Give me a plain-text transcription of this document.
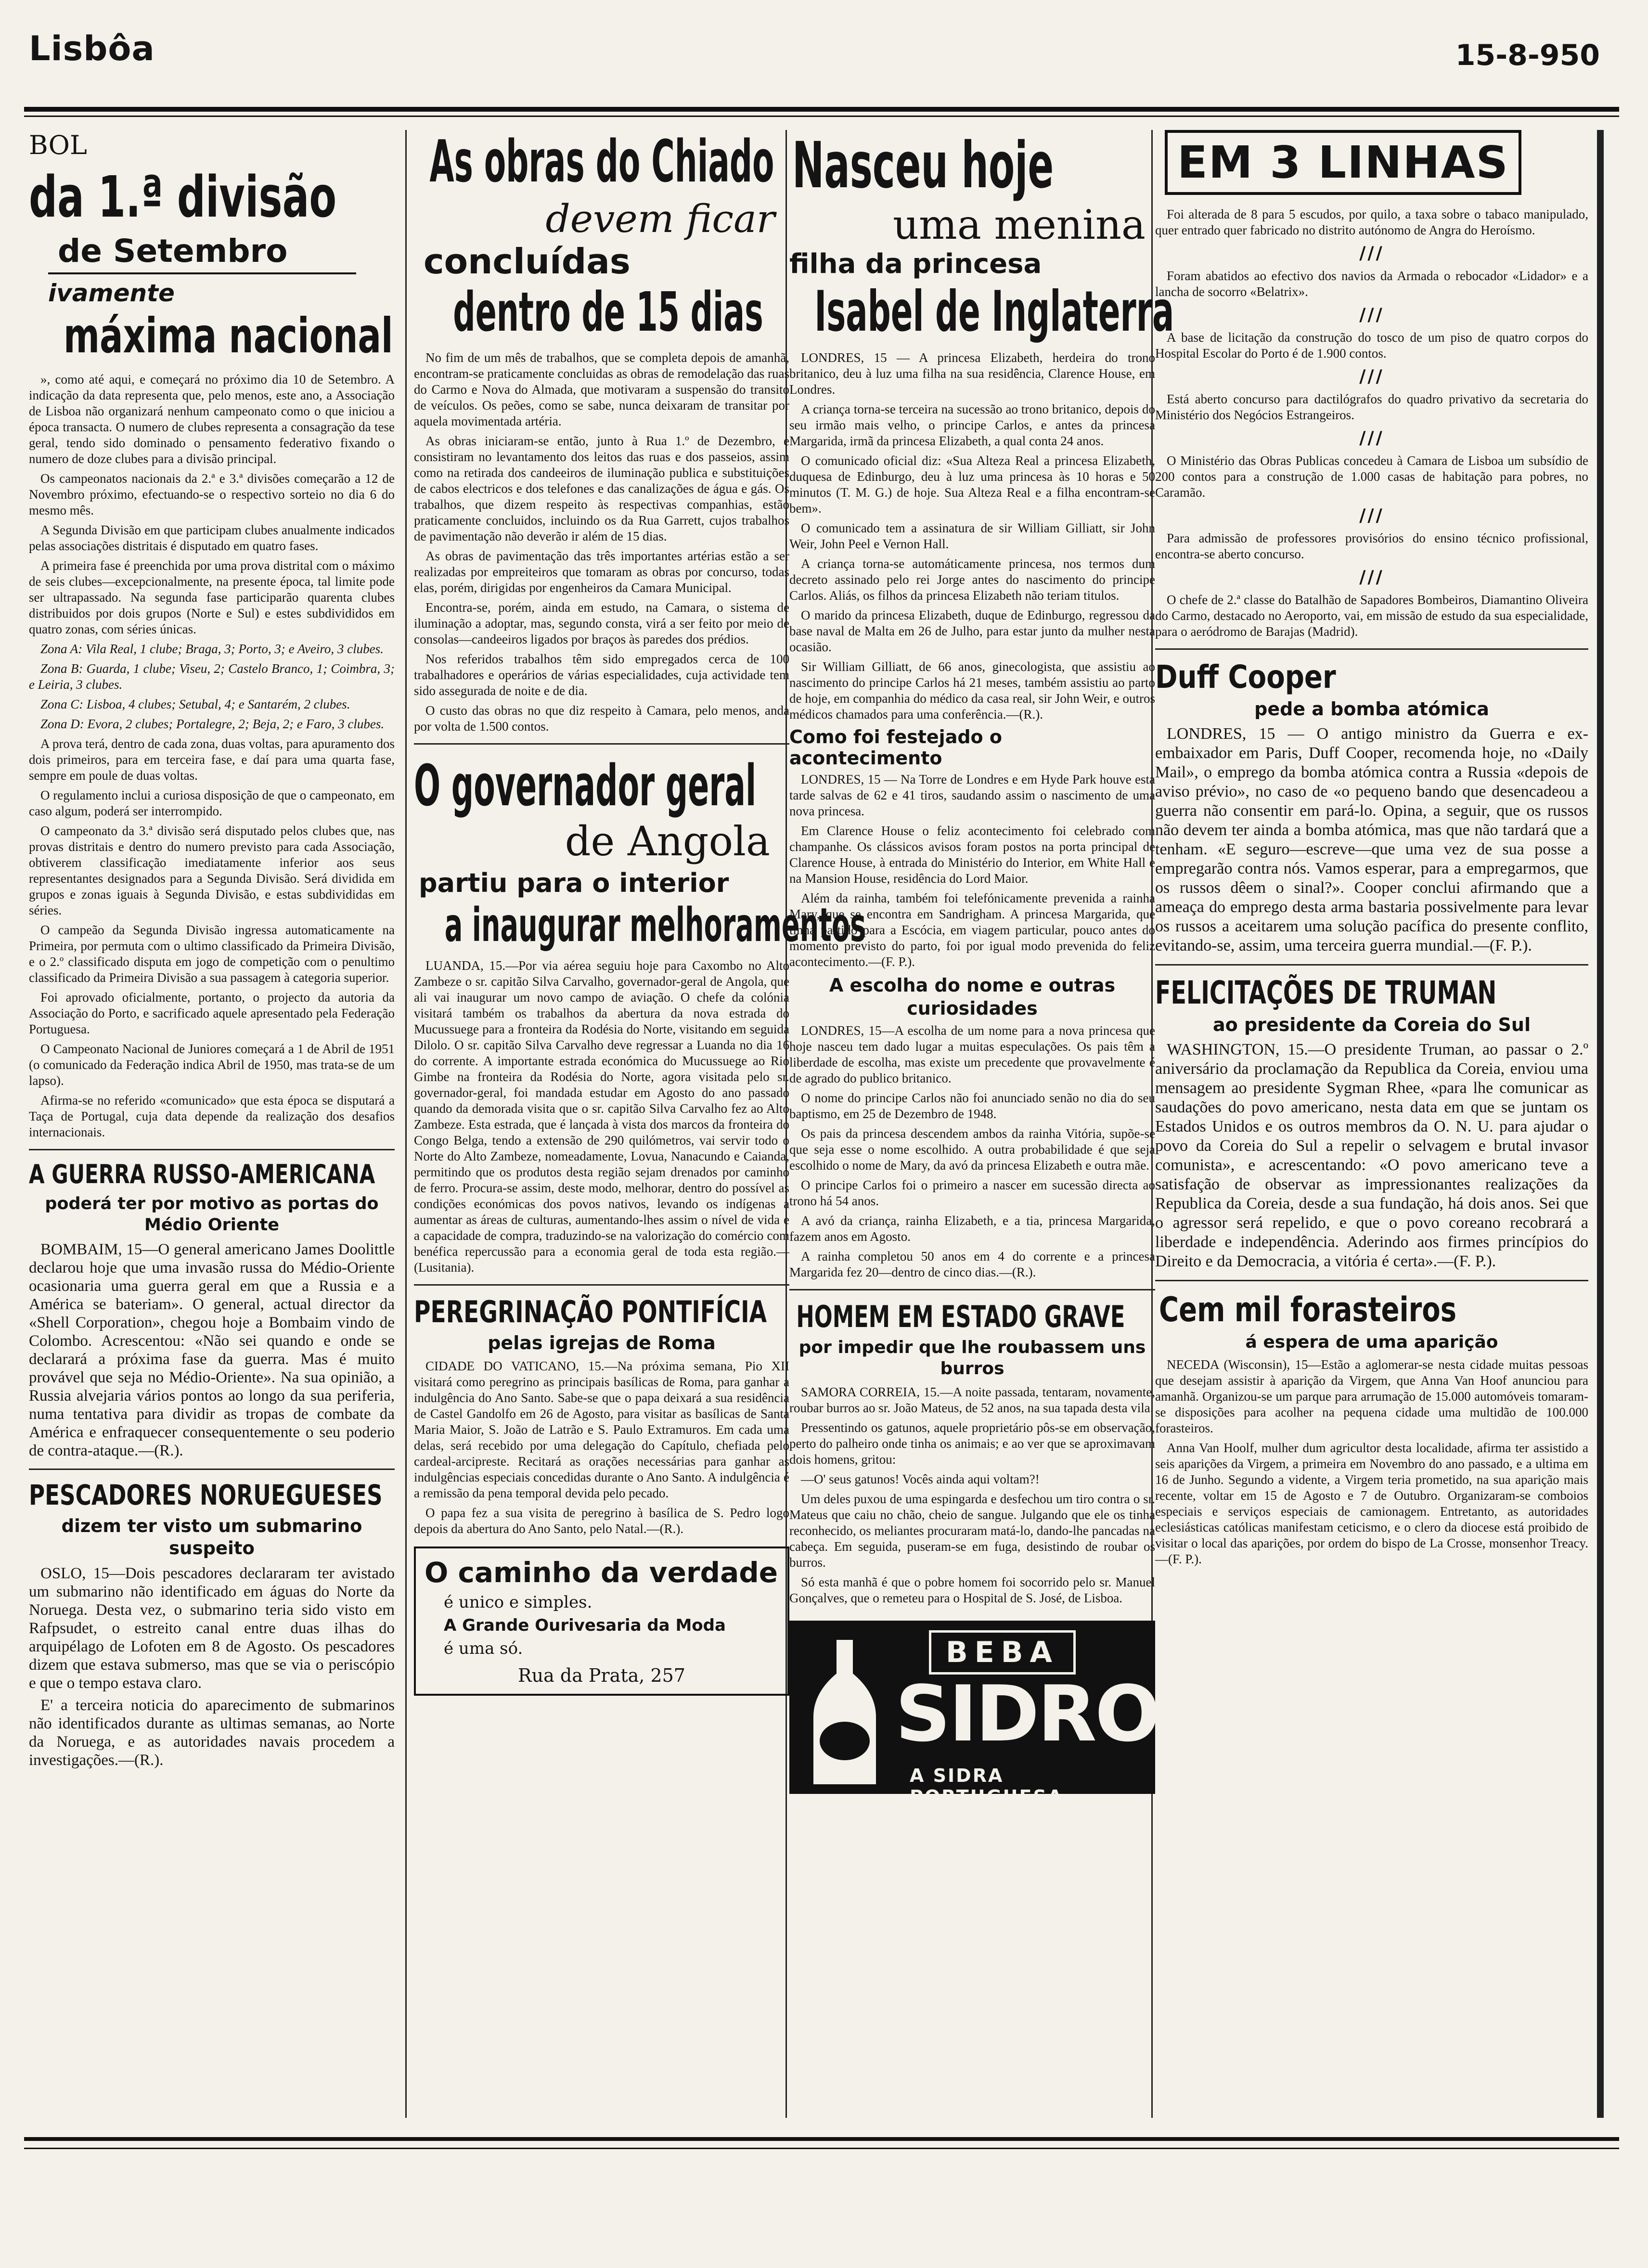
Lisbôa	15-8-950
BOL
da 1.ª divisão
de Setembro
ivamente
máxima nacional

», como até aqui, e começará no próximo dia 10 de Setembro. A indicação da data representa que, pelo menos, este ano, a Associação de Lisboa não organizará nenhum campeonato como o que iniciou a época transacta. O numero de clubes representa a consagração da tese geral, tendo sido dominado o pensamento federativo fixando o numero de doze clubes para a divisão principal.

Os campeonatos nacionais da 2.ª e 3.ª divisões começarão a 12 de Novembro próximo, efectuando-se o respectivo sorteio no dia 6 do mesmo mês.

A Segunda Divisão em que participam clubes anualmente indicados pelas associações distritais é disputado em quatro fases.

A primeira fase é preenchida por uma prova distrital com o máximo de seis clubes—excepcionalmente, na presente época, tal limite pode ser ultrapassado. Na segunda fase participarão quarenta clubes distribuidos por dois grupos (Norte e Sul) e estes subdivididos em quatro zonas, com séries únicas.

Zona A: Vila Real, 1 clube; Braga, 3; Porto, 3; e Aveiro, 3 clubes.

Zona B: Guarda, 1 clube; Viseu, 2; Castelo Branco, 1; Coimbra, 3; e Leiria, 3 clubes.

Zona C: Lisboa, 4 clubes; Setubal, 4; e Santarém, 2 clubes.

Zona D: Evora, 2 clubes; Portalegre, 2; Beja, 2; e Faro, 3 clubes.

A prova terá, dentro de cada zona, duas voltas, para apuramento dos dois primeiros, para em terceira fase, e daí para uma quarta fase, sempre em poule de duas voltas.

O regulamento inclui a curiosa disposição de que o campeonato, em caso algum, poderá ser interrompido.

O campeonato da 3.ª divisão será disputado pelos clubes que, nas provas distritais e dentro do numero previsto para cada Associação, obtiverem classificação imediatamente inferior aos seus representantes designados para a Segunda Divisão. Será dividida em grupos e zonas iguais à Segunda Divisão, e estas subdivididas em séries.

O campeão da Segunda Divisão ingressa automaticamente na Primeira, por permuta com o ultimo classificado da Primeira Divisão, e o 2.º classificado disputa em jogo de competição com o penultimo classificado da Primeira Divisão a sua passagem à categoria superior.

Foi aprovado oficialmente, portanto, o projecto da autoria da Associação do Porto, e sacrificado aquele apresentado pela Federação Portuguesa.

O Campeonato Nacional de Juniores começará a 1 de Abril de 1951 (o comunicado da Federação indica Abril de 1950, mas trata-se de um lapso).

Afirma-se no referido «comunicado» que esta época se disputará a Taça de Portugal, cuja data depende da realização dos desafios internacionais.

A GUERRA RUSSO-AMERICANA
poderá ter por motivo as portas do Médio Oriente

BOMBAIM, 15—O general americano James Doolittle declarou hoje que uma invasão russa do Médio-Oriente ocasionaria uma guerra geral em que a Russia e a América se bateriam». O general, actual director da «Shell Corporation», chegou hoje a Bombaim vindo de Colombo. Acrescentou: «Não sei quando e onde se declarará a próxima fase da guerra. Mas é muito provável que seja no Médio-Oriente». Na sua opinião, a Russia alvejaria vários pontos ao longo da sua periferia, numa tentativa para dividir as tropas de combate da América e enfraquecer consequentemente o seu poderio de contra-ataque.—(R.).

PESCADORES NORUEGUESES
dizem ter visto um submarino suspeito

OSLO, 15—Dois pescadores declararam ter avistado um submarino não identificado em águas do Norte da Noruega. Desta vez, o submarino teria sido visto em Rafpsudet, o estreito canal entre duas ilhas do arquipélago de Lofoten em 8 de Agosto. Os pescadores dizem que estava submerso, mas que se via o periscópio e que o tempo estava claro.

E' a terceira noticia do aparecimento de submarinos não identificados durante as ultimas semanas, ao Norte da Noruega, e as autoridades navais procedem a investigações.—(R.).

As obras do Chiado
devem ficar
concluídas
dentro de 15 dias

No fim de um mês de trabalhos, que se completa depois de amanhã, encontram-se praticamente concluidas as obras de remodelação das ruas do Carmo e Nova do Almada, que motivaram a suspensão do transito de veículos. Os peões, como se sabe, nunca deixaram de transitar por aquela movimentada artéria.

As obras iniciaram-se então, junto à Rua 1.º de Dezembro, e consistiram no levantamento dos leitos das ruas e dos passeios, assim como na retirada dos candeeiros de iluminação publica e substituições de cabos electricos e dos telefones e das canalizações de água e gás. Os trabalhos, que dizem respeito às respectivas companhias, estão praticamente concluidos, incluindo os da Rua Garrett, cujos trabalhos de pavimentação não deverão ir além de 15 dias.

As obras de pavimentação das três importantes artérias estão a ser realizadas por empreiteiros que tomaram as obras por concurso, todas elas, porém, dirigidas por engenheiros da Camara Municipal.

Encontra-se, porém, ainda em estudo, na Camara, o sistema de iluminação a adoptar, mas, segundo consta, virá a ser feito por meio de consolas—candeeiros ligados por braços às paredes dos prédios.

Nos referidos trabalhos têm sido empregados cerca de 100 trabalhadores e operários de várias especialidades, cuja actividade tem sido assegurada de noite e de dia.

O custo das obras no que diz respeito à Camara, pelo menos, anda por volta de 1.500 contos.

O governador geral
de Angola
partiu para o interior
a inaugurar melhoramentos

LUANDA, 15.—Por via aérea seguiu hoje para Caxombo no Alto Zambeze o sr. capitão Silva Carvalho, governador-geral de Angola, que ali vai inaugurar um novo campo de aviação. O chefe da colónia visitará também os trabalhos da abertura da nova estrada do Mucussuege para a fronteira da Rodésia do Norte, visitando em seguida Dilolo. O sr. capitão Silva Carvalho deve regressar a Luanda no dia 16 do corrente. A importante estrada económica do Mucussuege ao Rio Gimbe na fronteira da Rodésia do Norte, agora visitada pelo sr. governador-geral, foi mandada estudar em Agosto do ano passado quando da demorada visita que o sr. capitão Silva Carvalho fez ao Alto Zambeze. Esta estrada, que é lançada à vista dos marcos da fronteira do Congo Belga, tendo a extensão de 290 quilómetros, vai servir todo o Norte do Alto Zambeze, nomeadamente, Lovua, Nanacundo e Caianda, permitindo que os produtos desta região sejam drenados por caminho de ferro. Procura-se assim, deste modo, melhorar, dentro do possível as condições económicas dos povos nativos, levando os indígenas a aumentar as áreas de culturas, aumentando-lhes assim o nível de vida e a capacidade de compra, traduzindo-se na valorização do comércio com benéfica repercussão para a economia geral de toda esta região.—(Lusitania).

PEREGRINAÇÃO PONTIFÍCIA
pelas igrejas de Roma

CIDADE DO VATICANO, 15.—Na próxima semana, Pio XII visitará como peregrino as principais basílicas de Roma, para ganhar a indulgência do Ano Santo. Sabe-se que o papa deixará a sua residência de Castel Gandolfo em 26 de Agosto, para visitar as basílicas de Santa Maria Maior, S. João de Latrão e S. Paulo Extramuros. Em cada uma delas, será recebido por uma delegação do Capítulo, chefiada pelo cardeal-arcipreste. Recitará as orações necessárias para ganhar as indulgências especiais concedidas durante o Ano Santo. A indulgência é a remissão da pena temporal devida pelo pecado.

O papa fez a sua visita de peregrino à basílica de S. Pedro logo depois da abertura do Ano Santo, pelo Natal.—(R.).

O caminho da verdade
é unico e simples.
A Grande Ourivesaria da Moda
é uma só.
Rua da Prata, 257
Nasceu hoje
uma menina
filha da princesa
Isabel de Inglaterra

LONDRES, 15 — A princesa Elizabeth, herdeira do trono britanico, deu à luz uma filha na sua residência, Clarence House, em Londres.

A criança torna-se terceira na sucessão ao trono britanico, depois do seu irmão mais velho, o principe Carlos, e antes da princesa Margarida, irmã da princesa Elizabeth, a qual conta 24 anos.

O comunicado oficial diz: «Sua Alteza Real a princesa Elizabeth, duquesa de Edinburgo, deu à luz uma princesa às 10 horas e 50 minutos (T. M. G.) de hoje. Sua Alteza Real e a filha encontram-se bem».

O comunicado tem a assinatura de sir William Gilliatt, sir John Weir, John Peel e Vernon Hall.

A criança torna-se automáticamente princesa, nos termos dum decreto assinado pelo rei Jorge antes do nascimento do principe Carlos. Aliás, os filhos da princesa Elizabeth não teriam titulos.

O marido da princesa Elizabeth, duque de Edinburgo, regressou da base naval de Malta em 26 de Julho, para estar junto da mulher nesta ocasião.

Sir William Gilliatt, de 66 anos, ginecologista, que assistiu ao nascimento do principe Carlos há 21 meses, também assistiu ao parto de hoje, em companhia do médico da casa real, sir John Weir, e outros médicos chamados para uma conferência.—(R.).

Como foi festejado o acontecimento

LONDRES, 15 — Na Torre de Londres e em Hyde Park houve esta tarde salvas de 62 e 41 tiros, saudando assim o nascimento de uma nova princesa.

Em Clarence House o feliz acontecimento foi celebrado com champanhe. Os clássicos avisos foram postos na porta principal de Clarence House, à entrada do Ministério do Interior, em White Hall e na Mansion House, residência do Lord Maior.

Além da rainha, também foi telefónicamente prevenida a rainha Mary, que se encontra em Sandrigham. A princesa Margarida, que tinha partido para a Escócia, em viagem particular, pouco antes do momento previsto do parto, foi por igual modo prevenida do feliz acontecimento.—(F. P.).

A escolha do nome e outras curiosidades

LONDRES, 15—A escolha de um nome para a nova princesa que hoje nasceu tem dado lugar a muitas especulações. Os pais têm a liberdade de escolha, mas existe um precedente que provavelmente é de agrado do publico britanico.

O nome do principe Carlos não foi anunciado senão no dia do seu baptismo, em 25 de Dezembro de 1948.

Os pais da princesa descendem ambos da rainha Vitória, supõe-se que seja esse o nome escolhido. A outra probabilidade é que seja escolhido o nome de Mary, da avó da princesa Elizabeth e outra mãe.

O principe Carlos foi o primeiro a nascer em sucessão directa ao trono há 54 anos.

A avó da criança, rainha Elizabeth, e a tia, princesa Margarida, fazem anos em Agosto.

A rainha completou 50 anos em 4 do corrente e a princesa Margarida fez 20—dentro de cinco dias.—(R.).

HOMEM EM ESTADO GRAVE
por impedir que lhe roubassem uns burros

SAMORA CORREIA, 15.—A noite passada, tentaram, novamente, roubar burros ao sr. João Mateus, de 52 anos, na sua tapada desta vila.

Pressentindo os gatunos, aquele proprietário pôs-se em observação, perto do palheiro onde tinha os animais; e ao ver que se aproximavam dois homens, gritou:

—O' seus gatunos! Vocês ainda aqui voltam?!

Um deles puxou de uma espingarda e desfechou um tiro contra o sr. Mateus que caiu no chão, cheio de sangue. Julgando que ele os tinha reconhecido, os meliantes procuraram matá-lo, dando-lhe pancadas na cabeça. Em seguida, puseram-se em fuga, desistindo de roubar os burros.

Só esta manhã é que o pobre homem foi socorrido pelo sr. Manuel Gonçalves, que o remeteu para o Hospital de S. José, de Lisboa.

BEBA
SIDROR
A SIDRA PORTUGUESA
EM 3 LINHAS

Foi alterada de 8 para 5 escudos, por quilo, a taxa sobre o tabaco manipulado, quer entrado quer fabricado no distrito autónomo de Angra do Heroísmo.

///

Foram abatidos ao efectivo dos navios da Armada o rebocador «Lidador» e a lancha de socorro «Belatrix».

///

A base de licitação da construção do tosco de um piso de quatro corpos do Hospital Escolar do Porto é de 1.900 contos.

///

Está aberto concurso para dactilógrafos do quadro privativo da secretaria do Ministério dos Negócios Estrangeiros.

///

O Ministério das Obras Publicas concedeu à Camara de Lisboa um subsídio de 200 contos para a construção de 1.000 casas de habitação para pobres, no Caramão.

///

Para admissão de professores provisórios do ensino técnico profissional, encontra-se aberto concurso.

///

O chefe de 2.ª classe do Batalhão de Sapadores Bombeiros, Diamantino Oliveira do Carmo, destacado no Aeroporto, vai, em missão de estudo da sua especialidade, para o aeródromo de Barajas (Madrid).

Duff Cooper
pede a bomba atómica

LONDRES, 15 — O antigo ministro da Guerra e ex-embaixador em Paris, Duff Cooper, recomenda hoje, no «Daily Mail», o emprego da bomba atómica contra a Russia «depois de aviso prévio», no caso de «o pequeno bando que desencadeou a guerra não consentir em pará-lo. Opina, a seguir, que os russos não devem ter ainda a bomba atómica, mas que não tardará que a tenham. «E seguro—escreve—que uma vez de sua posse a empregarão contra nós. Vamos esperar, para a empregarmos, que os russos dêem o sinal?». Cooper conclui afirmando que a ameaça do emprego desta arma bastaria possivelmente para levar os russos a aceitarem uma solução pacífica do presente conflito, evitando-se, assim, uma terceira guerra mundial.—(F. P.).

FELICITAÇÕES DE TRUMAN
ao presidente da Coreia do Sul

WASHINGTON, 15.—O presidente Truman, ao passar o 2.º aniversário da proclamação da Republica da Coreia, enviou uma mensagem ao presidente Sygman Rhee, «para lhe comunicar as saudações do povo americano, nesta data em que se juntam os Estados Unidos e os outros membros da O. N. U. para ajudar o povo da Coreia do Sul a repelir o selvagem e brutal invasor comunista», e acrescentando: «O povo americano teve a satisfação de observar as impressionantes realizações da Republica da Coreia, desde a sua fundação, há dois anos. Sei que o agressor será repelido, e que o povo coreano recobrará a liberdade e independência. Aderindo aos firmes princípios do Direito e da Democracia, a vitória é certa».—(F. P.).

Cem mil forasteiros
á espera de uma aparição

NECEDA (Wisconsin), 15—Estão a aglomerar-se nesta cidade muitas pessoas que desejam assistir à aparição da Virgem, que Anna Van Hoof anunciou para amanhã. Organizou-se um parque para arrumação de 15.000 automóveis tomaram-se disposições para acolher na pequena cidade uma multidão de 100.000 forasteiros.

Anna Van Hoolf, mulher dum agricultor desta localidade, afirma ter assistido a seis aparições da Virgem, a primeira em Novembro do ano passado, e a ultima em 16 de Junho. Segundo a vidente, a Virgem teria prometido, na sua aparição mais recente, voltar em 15 de Agosto e 7 de Outubro. Organizaram-se comboios especiais e serviços especiais de camionagem. Entretanto, as autoridades eclesiásticas católicas manifestam ceticismo, e o clero da diocese está proibido de visitar o local das aparições, por ordem do bispo de La Crosse, monsenhor Treacy.—(F. P.).
